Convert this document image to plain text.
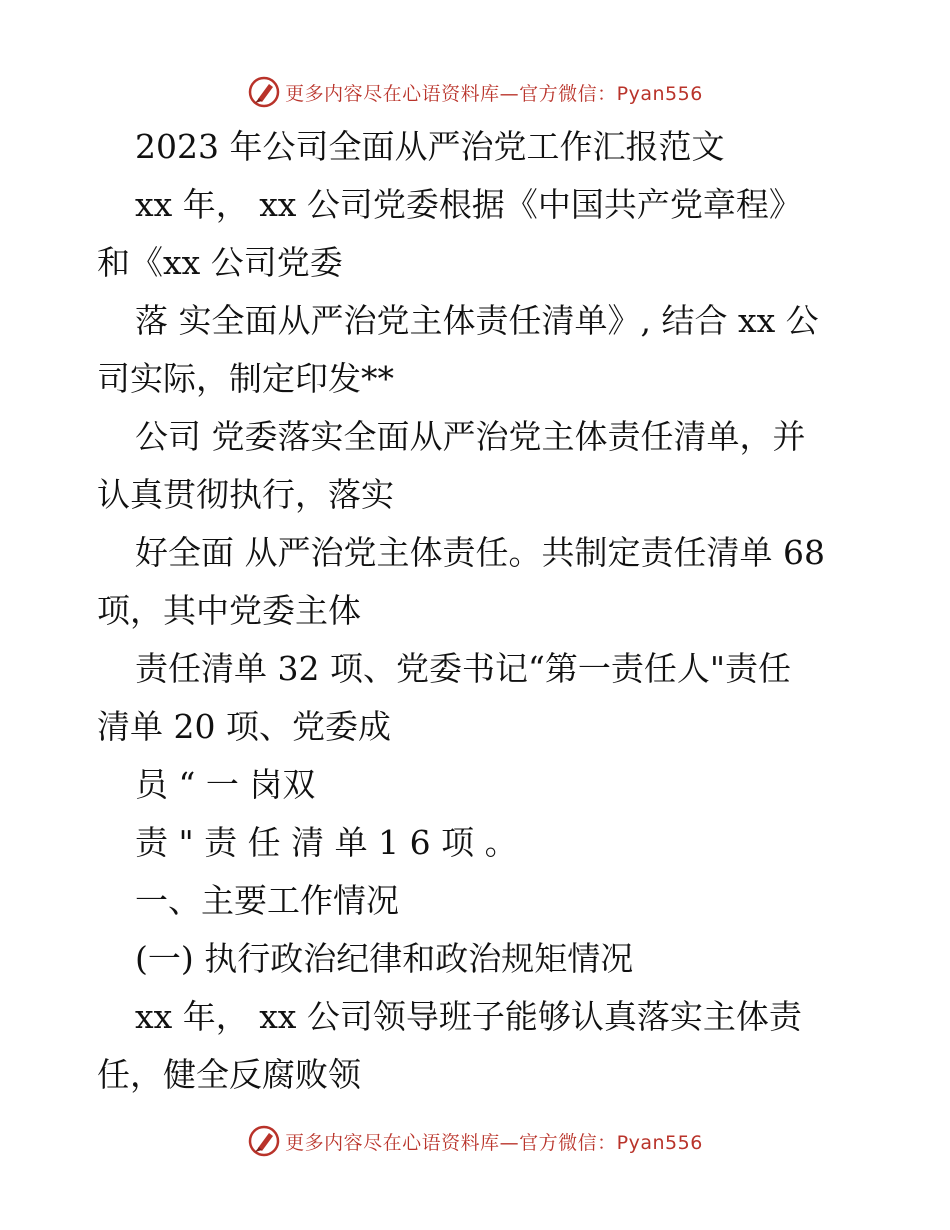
更多内容尽在心语资料库—官方微信：Pyan556
2023 年公司全面从严治党工作汇报范文
xx 年， xx 公司党委根据《中国共产党章程》
和《xx 公司党委
落 实全面从严治党主体责任清单》, 结合 xx 公
司实际，制定印发**
公司 党委落实全面从严治党主体责任清单，并
认真贯彻执行，落实
好全面 从严治党主体责任。共制定责任清单 68
项，其中党委主体
责任清单 32 项、党委书记“第一责任人"责任
清单 20 项、党委成
员 “ 一 岗双
责 " 责 任 清 单 1 6 项 。
一、主要工作情况
(一) 执行政治纪律和政治规矩情况
xx 年， xx 公司领导班子能够认真落实主体责
任，健全反腐败领
更多内容尽在心语资料库—官方微信：Pyan556
